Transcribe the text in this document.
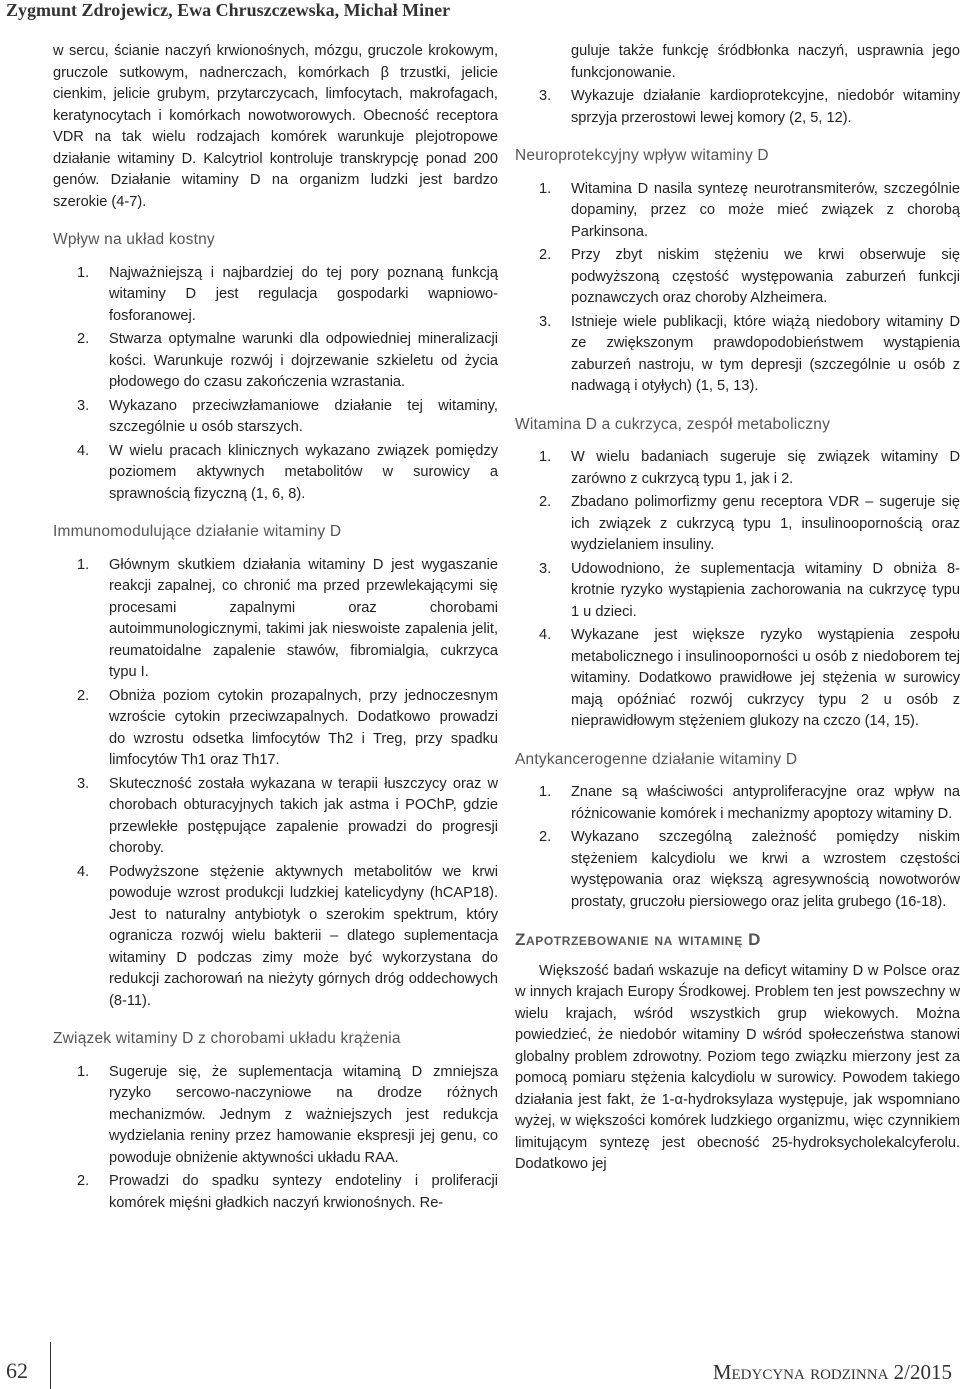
Zygmunt Zdrojewicz, Ewa Chruszczewska, Michał Miner

w sercu, ścianie naczyń krwionośnych, mózgu, gruczole krokowym, gruczole sutkowym, nadnerczach, komórkach β trzustki, jelicie cienkim, jelicie grubym, przytarczycach, limfocytach, makrofagach, keratynocytach i komórkach nowotworowych. Obecność receptora VDR na tak wielu rodzajach komórek warunkuje plejotropowe działanie witaminy D. Kalcytriol kontroluje transkrypcję ponad 200 genów. Działanie witaminy D na organizm ludzki jest bardzo szerokie (4-7).

Wpływ na układ kostny
1. Najważniejszą i najbardziej do tej pory poznaną funkcją witaminy D jest regulacja gospodarki wapniowo-fosforanowej.
2. Stwarza optymalne warunki dla odpowiedniej mineralizacji kości. Warunkuje rozwój i dojrzewanie szkieletu od życia płodowego do czasu zakończenia wzrastania.
3. Wykazano przeciwzłamaniowe działanie tej witaminy, szczególnie u osób starszych.
4. W wielu pracach klinicznych wykazano związek pomiędzy poziomem aktywnych metabolitów w surowicy a sprawnością fizyczną (1, 6, 8).
Immunomodulujące działanie witaminy D
1. Głównym skutkiem działania witaminy D jest wygaszanie reakcji zapalnej, co chronić ma przed przewlekającymi się procesami zapalnymi oraz chorobami autoimmunologicznymi, takimi jak nieswoiste zapalenia jelit, reumatoidalne zapalenie stawów, fibromialgia, cukrzyca typu I.
2. Obniża poziom cytokin prozapalnych, przy jednoczesnym wzroście cytokin przeciwzapalnych. Dodatkowo prowadzi do wzrostu odsetka limfocytów Th2 i Treg, przy spadku limfocytów Th1 oraz Th17.
3. Skuteczność została wykazana w terapii łuszczycy oraz w chorobach obturacyjnych takich jak astma i POChP, gdzie przewlekłe postępujące zapalenie prowadzi do progresji choroby.
4. Podwyższone stężenie aktywnych metabolitów we krwi powoduje wzrost produkcji ludzkiej katelicydyny (hCAP18). Jest to naturalny antybiotyk o szerokim spektrum, który ogranicza rozwój wielu bakterii – dlatego suplementacja witaminy D podczas zimy może być wykorzystana do redukcji zachorowań na nieżyty górnych dróg oddechowych (8-11).
Związek witaminy D z chorobami układu krążenia
1. Sugeruje się, że suplementacja witaminą D zmniejsza ryzyko sercowo-naczyniowe na drodze różnych mechanizmów. Jednym z ważniejszych jest redukcja wydzielania reniny przez hamowanie ekspresji jej genu, co powoduje obniżenie aktywności układu RAA.
2. Prowadzi do spadku syntezy endoteliny i proliferacji komórek mięśni gładkich naczyń krwionośnych. Re-
guluje także funkcję śródbłonka naczyń, usprawnia jego funkcjonowanie.
3. Wykazuje działanie kardioprotekcyjne, niedobór witaminy sprzyja przerostowi lewej komory (2, 5, 12).
Neuroprotekcyjny wpływ witaminy D
1. Witamina D nasila syntezę neurotransmiterów, szczególnie dopaminy, przez co może mieć związek z chorobą Parkinsona.
2. Przy zbyt niskim stężeniu we krwi obserwuje się podwyższoną częstość występowania zaburzeń funkcji poznawczych oraz choroby Alzheimera.
3. Istnieje wiele publikacji, które wiążą niedobory witaminy D ze zwiększonym prawdopodobieństwem wystąpienia zaburzeń nastroju, w tym depresji (szczególnie u osób z nadwagą i otyłych) (1, 5, 13).
Witamina D a cukrzyca, zespół metaboliczny
1. W wielu badaniach sugeruje się związek witaminy D zarówno z cukrzycą typu 1, jak i 2.
2. Zbadano polimorfizmy genu receptora VDR – sugeruje się ich związek z cukrzycą typu 1, insulinoopornością oraz wydzielaniem insuliny.
3. Udowodniono, że suplementacja witaminy D obniża 8-krotnie ryzyko wystąpienia zachorowania na cukrzycę typu 1 u dzieci.
4. Wykazane jest większe ryzyko wystąpienia zespołu metabolicznego i insulinooporności u osób z niedoborem tej witaminy. Dodatkowo prawidłowe jej stężenia w surowicy mają opóźniać rozwój cukrzycy typu 2 u osób z nieprawidłowym stężeniem glukozy na czczo (14, 15).
Antykancerogenne działanie witaminy D
1. Znane są właściwości antyproliferacyjne oraz wpływ na różnicowanie komórek i mechanizmy apoptozy witaminy D.
2. Wykazano szczególną zależność pomiędzy niskim stężeniem kalcydiolu we krwi a wzrostem częstości występowania oraz większą agresywnością nowotworów prostaty, gruczołu piersiowego oraz jelita grubego (16-18).
Zapotrzebowanie na witaminę D

Większość badań wskazuje na deficyt witaminy D w Polsce oraz w innych krajach Europy Środkowej. Problem ten jest powszechny w wielu krajach, wśród wszystkich grup wiekowych. Można powiedzieć, że niedobór witaminy D wśród społeczeństwa stanowi globalny problem zdrowotny. Poziom tego związku mierzony jest za pomocą pomiaru stężenia kalcydiolu w surowicy. Powodem takiego działania jest fakt, że 1-α-hydroksylaza występuje, jak wspomniano wyżej, w większości komórek ludzkiego organizmu, więc czynnikiem limitującym syntezę jest obecność 25-hydroksycholekalcyferolu. Dodatkowo jej

62	Medycyna rodzinna 2/2015
